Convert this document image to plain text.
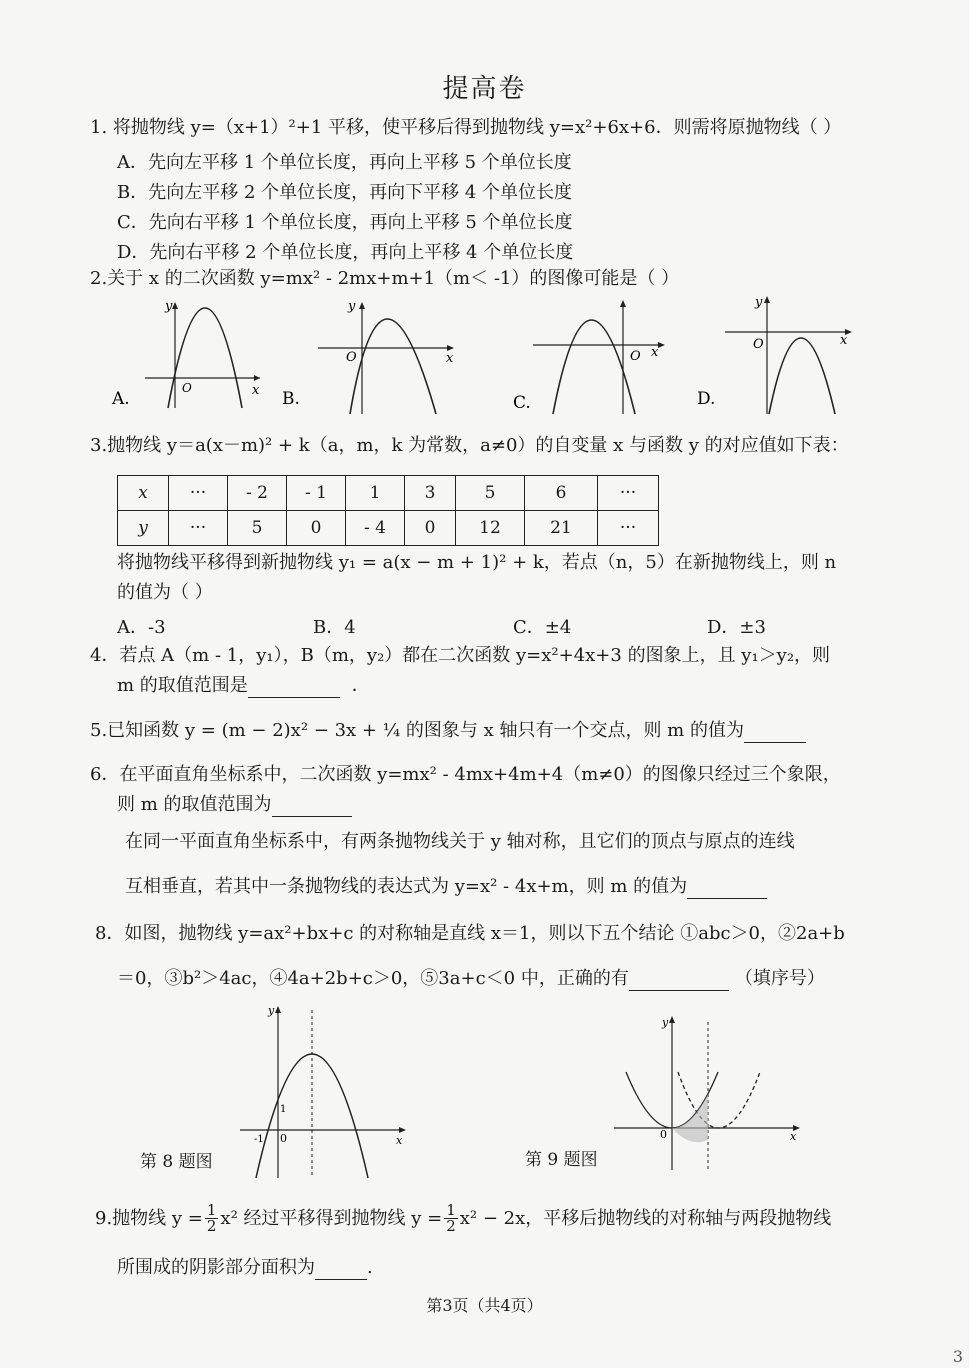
提高卷
1. 将抛物线 y=（x+1）²+1 平移，使平移后得到抛物线 y=x²+6x+6．则需将原抛物线（ ）
A．先向左平移 1 个单位长度，再向上平移 5 个单位长度
B．先向左平移 2 个单位长度，再向下平移 4 个单位长度
C．先向右平移 1 个单位长度，再向上平移 5 个单位长度
D．先向右平移 2 个单位长度，再向上平移 4 个单位长度
2.关于 x 的二次函数 y=mx² - 2mx+m+1（m＜ -1）的图像可能是（ ）
y
x
O
A.
y
x
O
B.
O x
C.
y
x
O
D.
3.抛物线 y＝a(x－m)² + k（a，m，k 为常数，a≠0）的自变量 x 与函数 y 的对应值如下表：
x	···	- 2	- 1	1	3	5	6	···
y	···	5	0	- 4	0	12	21	···
将抛物线平移得到新抛物线 y₁ = a(x − m + 1)² + k，若点（n，5）在新抛物线上，则 n
的值为（ ）
A．-3	B．4	C．±4	D．±3
4．若点 A（m - 1，y₁），B（m，y₂）都在二次函数 y=x²+4x+3 的图象上，且 y₁＞y₂，则
m 的取值范围是	．
5.已知函数 y = (m − 2)x² − 3x + ¼ 的图象与 x 轴只有一个交点，则 m 的值为
6．在平面直角坐标系中，二次函数 y=mx² - 4mx+4m+4（m≠0）的图像只经过三个象限，
则 m 的取值范围为
在同一平面直角坐标系中，有两条抛物线关于 y 轴对称，且它们的顶点与原点的连线
互相垂直，若其中一条抛物线的表达式为 y=x² - 4x+m，则 m 的值为
8．如图，抛物线 y=ax²+bx+c 的对称轴是直线 x＝1，则以下五个结论 ①abc＞0，②2a+b
＝0，③b²＞4ac，④4a+2b+c＞0，⑤3a+c＜0 中，正确的有	（填序号）
y
x
0
1
-1
第 8 题图
y
x
0
第 9 题图
9.抛物线 $y = \frac{1}{2} x^2$ 经过平移得到抛物线 $y = \frac{1}{2} x^2 - 2x$，平移后抛物线的对称轴与两段抛物线
所围成的阴影部分面积为	.
第3页（共4页）
3
